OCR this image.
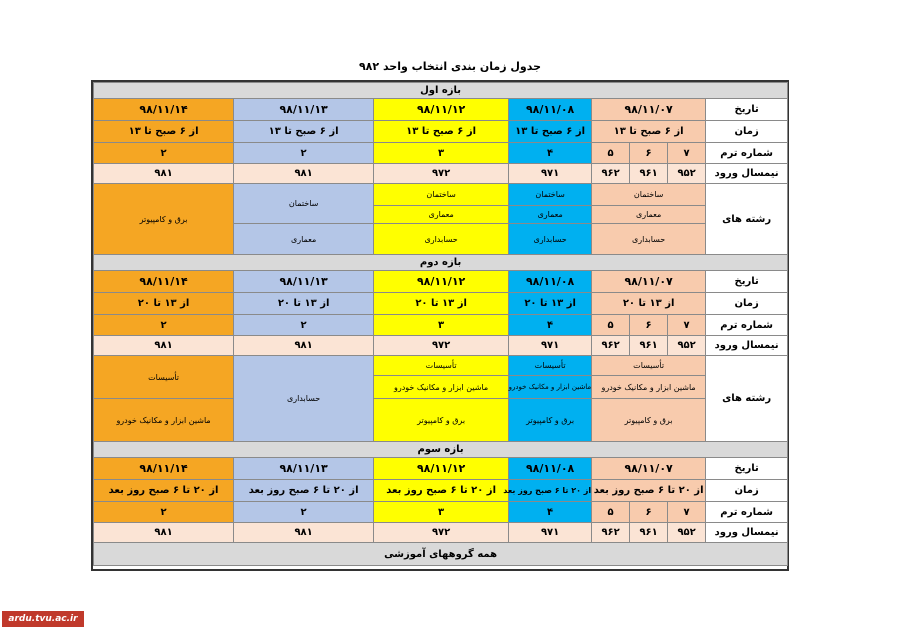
جدول زمان بندی انتخاب واحد ۹۸۲
بازه اول							
تاریخ	۹۸/۱۱/۰۷			۹۸/۱۱/۰۸	۹۸/۱۱/۱۲	۹۸/۱۱/۱۳	۹۸/۱۱/۱۴
زمان	از ۶ صبح تا ۱۳			از ۶ صبح تا ۱۳	از ۶ صبح تا ۱۳	از ۶ صبح تا ۱۳	از ۶ صبح تا ۱۳
شماره ترم	۷	۶	۵	۴	۳	۲	۲
نیمسال ورود	۹۵۲	۹۶۱	۹۶۲	۹۷۱	۹۷۲	۹۸۱	۹۸۱
رشته های	ساختمان			ساختمان	ساختمان	ساختمان	برق و کامپیوتر
	معماری			معماری	معماری		
	حسابداری			حسابداری	حسابداری	معماری	
بازه دوم							
تاریخ	۹۸/۱۱/۰۷			۹۸/۱۱/۰۸	۹۸/۱۱/۱۲	۹۸/۱۱/۱۳	۹۸/۱۱/۱۴
زمان	از ۱۳ تا ۲۰			از ۱۳ تا ۲۰	از ۱۳ تا ۲۰	از ۱۳ تا ۲۰	از ۱۳ تا ۲۰
شماره ترم	۷	۶	۵	۴	۳	۲	۲
نیمسال ورود	۹۵۲	۹۶۱	۹۶۲	۹۷۱	۹۷۲	۹۸۱	۹۸۱
رشته های	تأسیسات			تأسیسات	تأسیسات	حسابداری	تأسیسات
	ماشین ابزار و مکانیک خودرو			ماشین ابزار و مکانیک خودرو	ماشین ابزار و مکانیک خودرو		
	برق و کامپیوتر			برق و کامپیوتر	برق و کامپیوتر		ماشین ابزار و مکانیک خودرو
بازه سوم							
تاریخ	۹۸/۱۱/۰۷			۹۸/۱۱/۰۸	۹۸/۱۱/۱۲	۹۸/۱۱/۱۳	۹۸/۱۱/۱۴
زمان	از ۲۰ تا ۶ صبح روز بعد			از ۲۰ تا ۶ صبح روز بعد	از ۲۰ تا ۶ صبح روز بعد	از ۲۰ تا ۶ صبح روز بعد	از ۲۰ تا ۶ صبح روز بعد
شماره ترم	۷	۶	۵	۴	۳	۲	۲
نیمسال ورود	۹۵۲	۹۶۱	۹۶۲	۹۷۱	۹۷۲	۹۸۱	۹۸۱
همه گروههای آموزشی							
ardu.tvu.ac.ir
